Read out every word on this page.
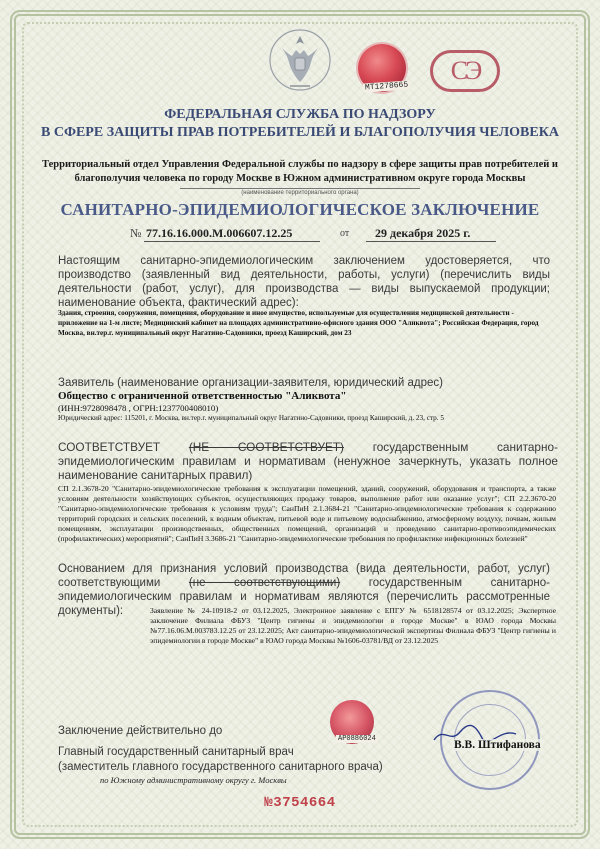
МТ1278665
СЭ
ФЕДЕРАЛЬНАЯ СЛУЖБА ПО НАДЗОРУ
В СФЕРЕ ЗАЩИТЫ ПРАВ ПОТРЕБИТЕЛЕЙ И БЛАГОПОЛУЧИЯ ЧЕЛОВЕКА
Территориальный отдел Управления Федеральной службы по надзору в сфере защиты прав потребителей и благополучия человека по городу Москве в Южном административном округе города Москвы
(наименование территориального органа)
САНИТАРНО-ЭПИДЕМИОЛОГИЧЕСКОЕ ЗАКЛЮЧЕНИЕ
№ 77.16.16.000.М.006607.12.25	от 29 декабря 2025 г.
Настоящим санитарно-эпидемиологическим заключением удостоверяется, что производство (заявленный вид деятельности, работы, услуги) (перечислить виды деятельности (работ, услуг), для производства — виды выпускаемой продукции; наименование объекта, фактический адрес):
Здания, строения, сооружения, помещения, оборудование и иное имущество, используемые для осуществления медицинской деятельности - приложение на 1-м листе; Медицинский кабинет на площадях административно-офисного здания ООО "Аликвота"; Российская Федерация, город Москва, вн.тер.г. муниципальный округ Нагатино-Садовники, проезд Каширский, дом 23
Заявитель (наименование организации-заявителя, юридический адрес)
Общество с ограниченной ответственностью "Аликвота"
(ИНН:9728098478 , ОГРН:1237700408010)
Юридический адрес: 115201, г. Москва, вн.тер.г. муниципальный округ Нагатино-Садовники, проезд Каширский, д. 23, стр. 5
СООТВЕТСТВУЕТ (НЕ СООТВЕТСТВУЕТ) государственным санитарно-эпидемиологическим правилам и нормативам (ненужное зачеркнуть, указать полное наименование санитарных правил)
СП 2.1.3678-20 "Санитарно-эпидемиологические требования к эксплуатации помещений, зданий, сооружений, оборудования и транспорта, а также условиям деятельности хозяйствующих субъектов, осуществляющих продажу товаров, выполнение работ или оказание услуг"; СП 2.2.3670-20 "Санитарно-эпидемиологические требования к условиям труда"; СанПиН 2.1.3684-21 "Санитарно-эпидемиологические требования к содержанию территорий городских и сельских поселений, к водным объектам, питьевой воде и питьевому водоснабжению, атмосферному воздуху, почвам, жилым помещениям, эксплуатации производственных, общественных помещений, организаций и проведению санитарно-противоэпидемических (профилактических) мероприятий"; СанПиН 3.3686-21 "Санитарно-эпидемиологические требования по профилактике инфекционных болезней"
Основанием для признания условий производства (вида деятельности, работ, услуг) соответствующими (не соответствующими) государственным санитарно-эпидемиологическим правилам и нормативам являются (перечислить рассмотренные документы):	Заявление № 24-10918-2 от 03.12.2025, Электронное заявление с ЕПГУ № 6518128574 от 03.12.2025; Экспертное заключение Филиала ФБУЗ "Центр гигиены и эпидемиологии в городе Москве" в ЮАО города Москвы №77.16.06.М.003783.12.25 от 23.12.2025; Акт санитарно-эпидемиологической экспертизы Филиала ФБУЗ "Центр гигиены и эпидемиологии в городе Москве" в ЮАО города Москвы №1606-03781/ВД от 23.12.2025
Заключение действительно до
АР0886024
Главный государственный санитарный врач
(заместитель главного государственного санитарного врача)
по Южному административному округу г. Москвы
В.В. Штифанова
№3754664
